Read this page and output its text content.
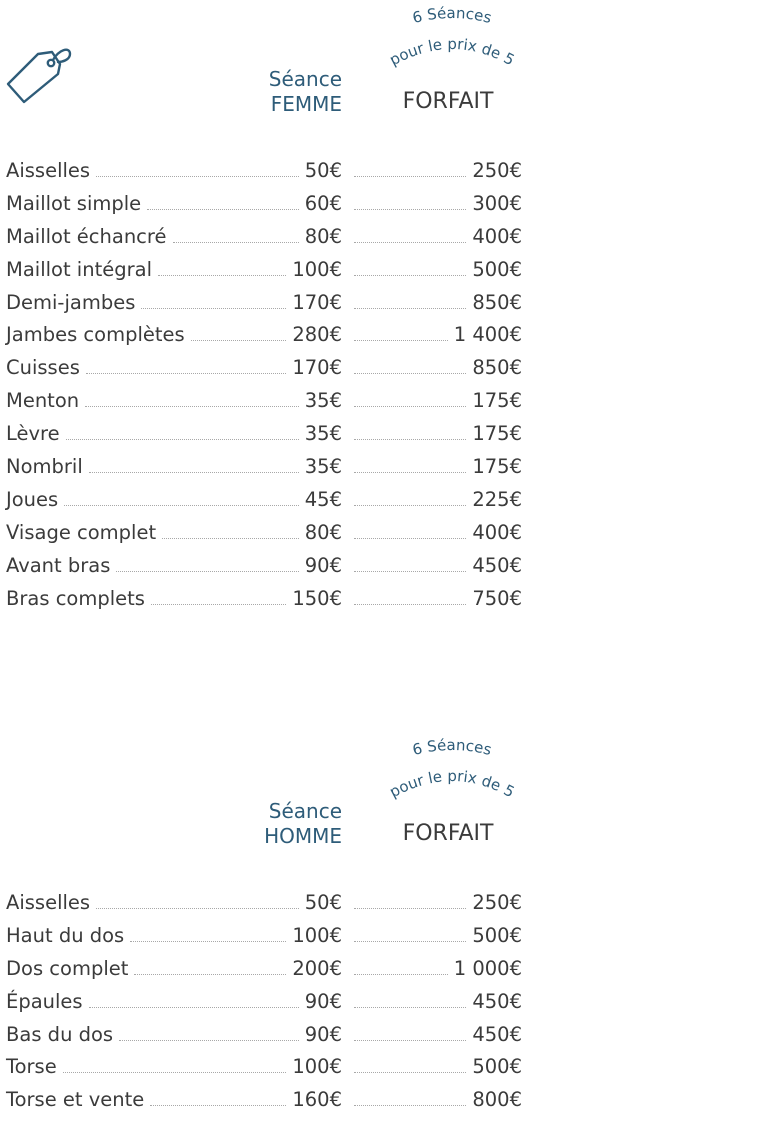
6 Séances
pour le prix de 5
Séance
FEMME	FORFAIT
Aisselles	50€	250€
Maillot simple	60€	300€
Maillot échancré	80€	400€
Maillot intégral	100€	500€
Demi-jambes	170€	850€
Jambes complètes	280€	1 400€
Cuisses	170€	850€
Menton	35€	175€
Lèvre	35€	175€
Nombril	35€	175€
Joues	45€	225€
Visage complet	80€	400€
Avant bras	90€	450€
Bras complets	150€	750€
6 Séances
pour le prix de 5
Séance
HOMME	FORFAIT
Aisselles	50€	250€
Haut du dos	100€	500€
Dos complet	200€	1 000€
Épaules	90€	450€
Bas du dos	90€	450€
Torse	100€	500€
Torse et vente	160€	800€
